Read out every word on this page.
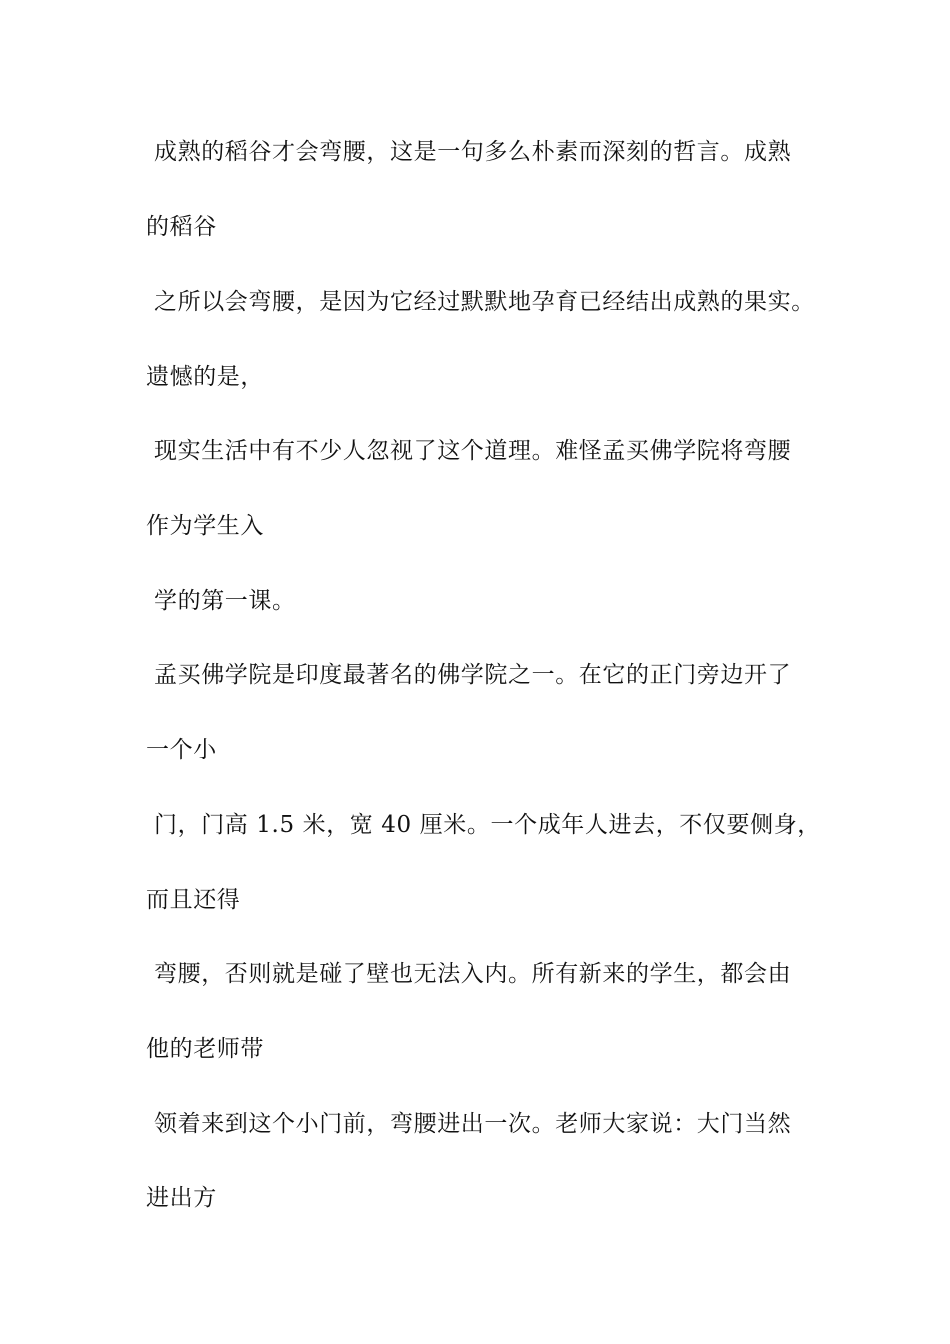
成熟的稻谷才会弯腰，这是一句多么朴素而深刻的哲言。成熟

的稻谷

之所以会弯腰，是因为它经过默默地孕育已经结出成熟的果实。

遗憾的是，

现实生活中有不少人忽视了这个道理。难怪孟买佛学院将弯腰

作为学生入

学的第一课。

孟买佛学院是印度最著名的佛学院之一。在它的正门旁边开了

一个小

门，门高 1.5 米，宽 40 厘米。一个成年人进去，不仅要侧身，

而且还得

弯腰，否则就是碰了壁也无法入内。所有新来的学生，都会由

他的老师带

领着来到这个小门前，弯腰进出一次。老师大家说：大门当然

进出方
